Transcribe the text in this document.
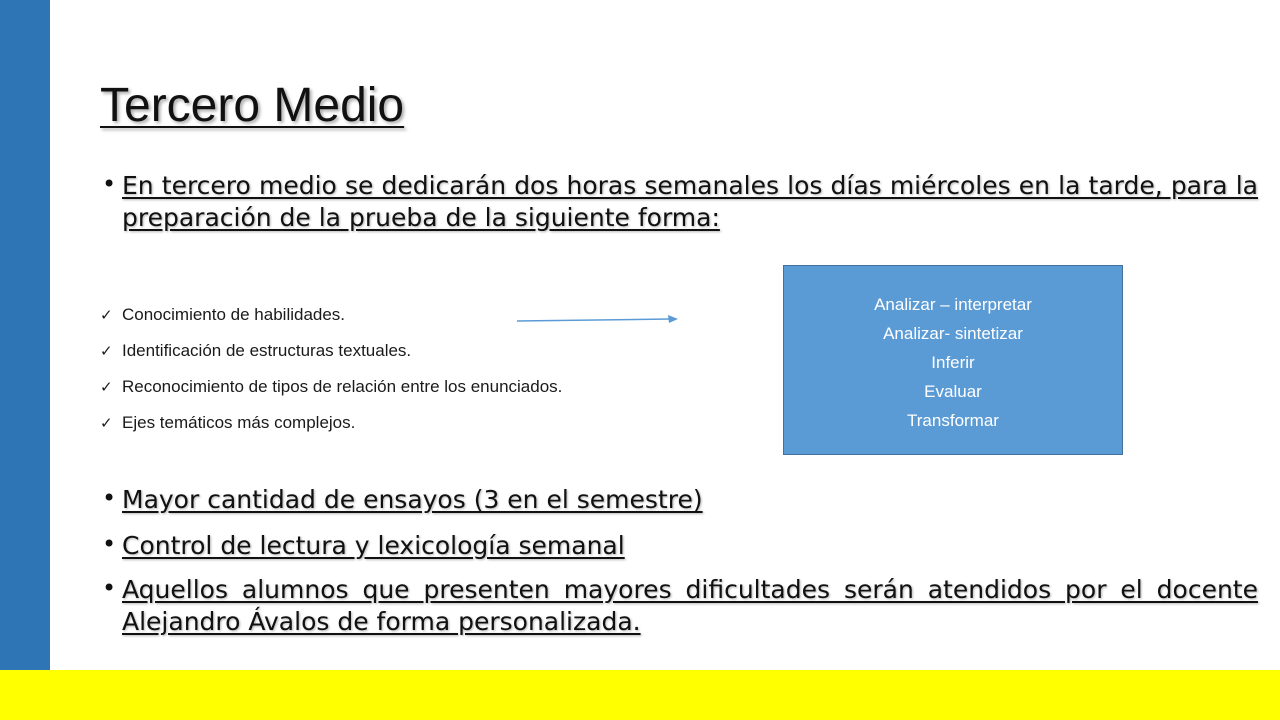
Tercero Medio
• En tercero medio se dedicarán dos horas semanales los días miércoles en la tarde, para la preparación de la prueba de la siguiente forma:
✓ Conocimiento de habilidades.
✓ Identificación de estructuras textuales.
✓ Reconocimiento de tipos de relación entre los enunciados.
✓ Ejes temáticos más complejos.
Analizar – interpretar
Analizar- sintetizar
Inferir
Evaluar
Transformar
• Mayor cantidad de ensayos (3 en el semestre)
• Control de lectura y lexicología semanal
• Aquellos alumnos que presenten mayores dificultades serán atendidos por el docente Alejandro Ávalos de forma personalizada.
